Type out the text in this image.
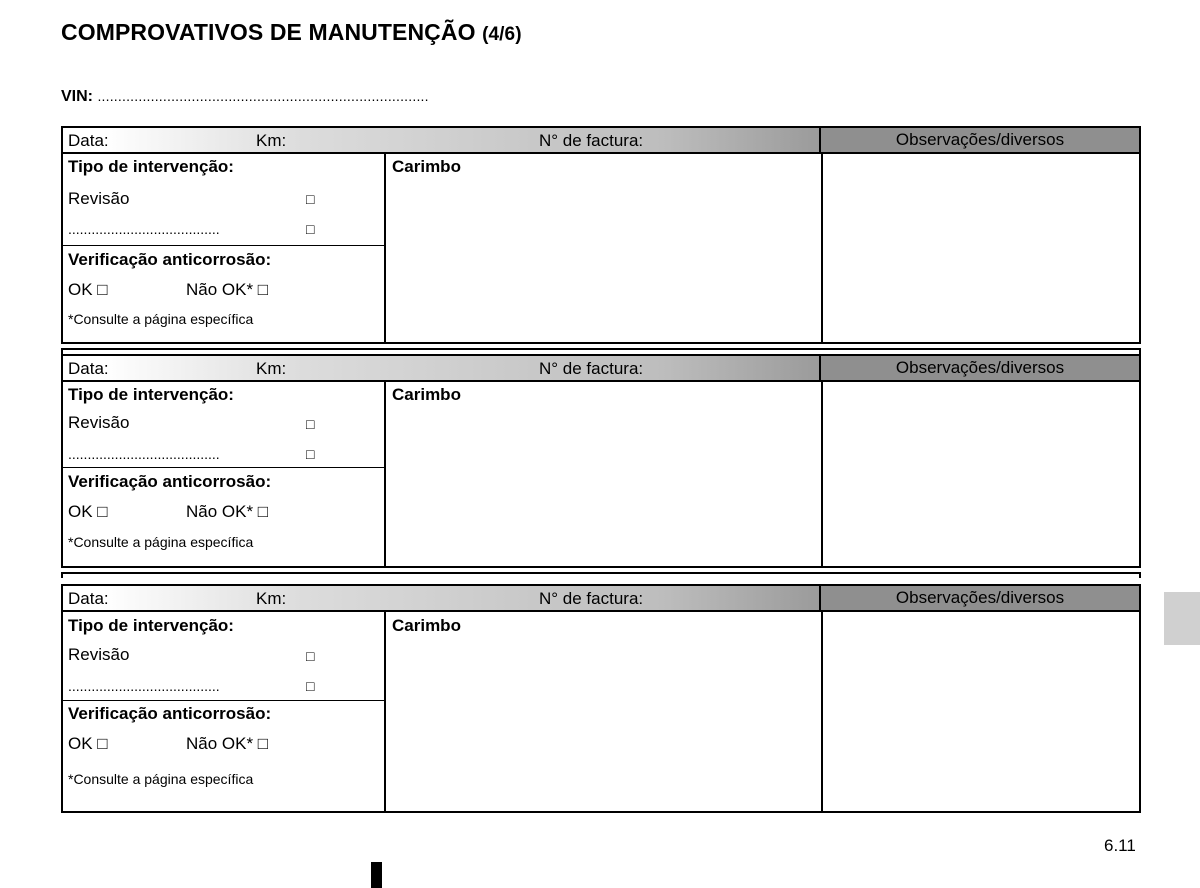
COMPROVATIVOS DE MANUTENÇÃO (4/6)
VIN: .................................................................................
Data:	Km:	N° de factura:	Observações/diversos
Tipo de intervenção:
Revisão	□
.......................................	□
Verificação anticorrosão:
OK □	Não OK* □
*Consulte a página específica
Carimbo
Data:	Km:	N° de factura:	Observações/diversos
Tipo de intervenção:
Revisão	□
.......................................	□
Verificação anticorrosão:
OK □	Não OK* □
*Consulte a página específica
Carimbo
Data:	Km:	N° de factura:	Observações/diversos
Tipo de intervenção:
Revisão	□
.......................................	□
Verificação anticorrosão:
OK □	Não OK* □
*Consulte a página específica
Carimbo
6.11
